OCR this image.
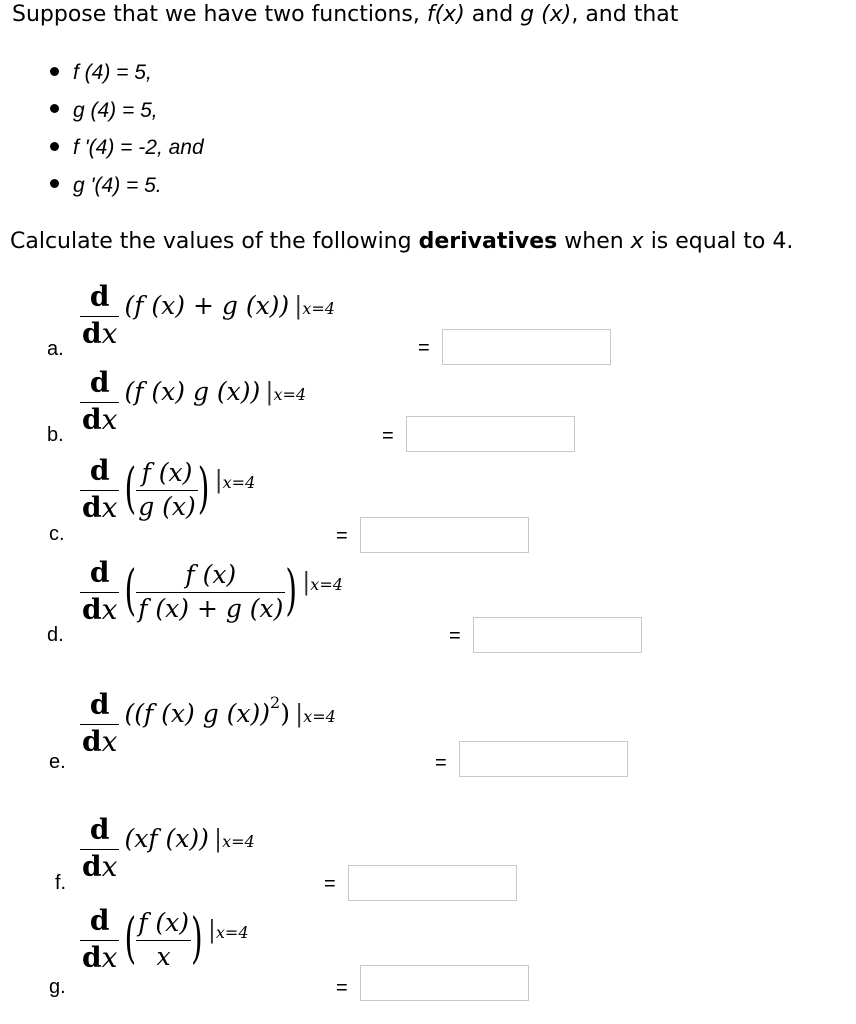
Suppose that we have two functions, f(x) and g (x), and that
f (4) = 5,
g (4) = 5,
f '(4) = -2, and
g '(4) = 5.
Calculate the values of the following derivatives when x is equal to 4.
a. $\frac{d}{dx} (f$ (x) + g (x)) |x=4
=
b. $\frac{d}{dx} (f$ (x) g (x)) |x=4
=
c.
$\frac{d}{dx}$ ( $\frac{f (x)}{g (x)}$ ) |x=4
=
d.
$\frac{d}{dx}$ ( $\frac{f (x)}{f (x) + g (x)}$ ) |x=4
=
e.
$\frac{d}{dx} ((f$ (x) g (x))$^2$) |x=4
=
f.
$\frac{d}{dx} (xf$ (x)) |x=4
=
g.
$\frac{d}{dx}$ ( $\frac{f (x)}{x}$ ) |x=4
=
